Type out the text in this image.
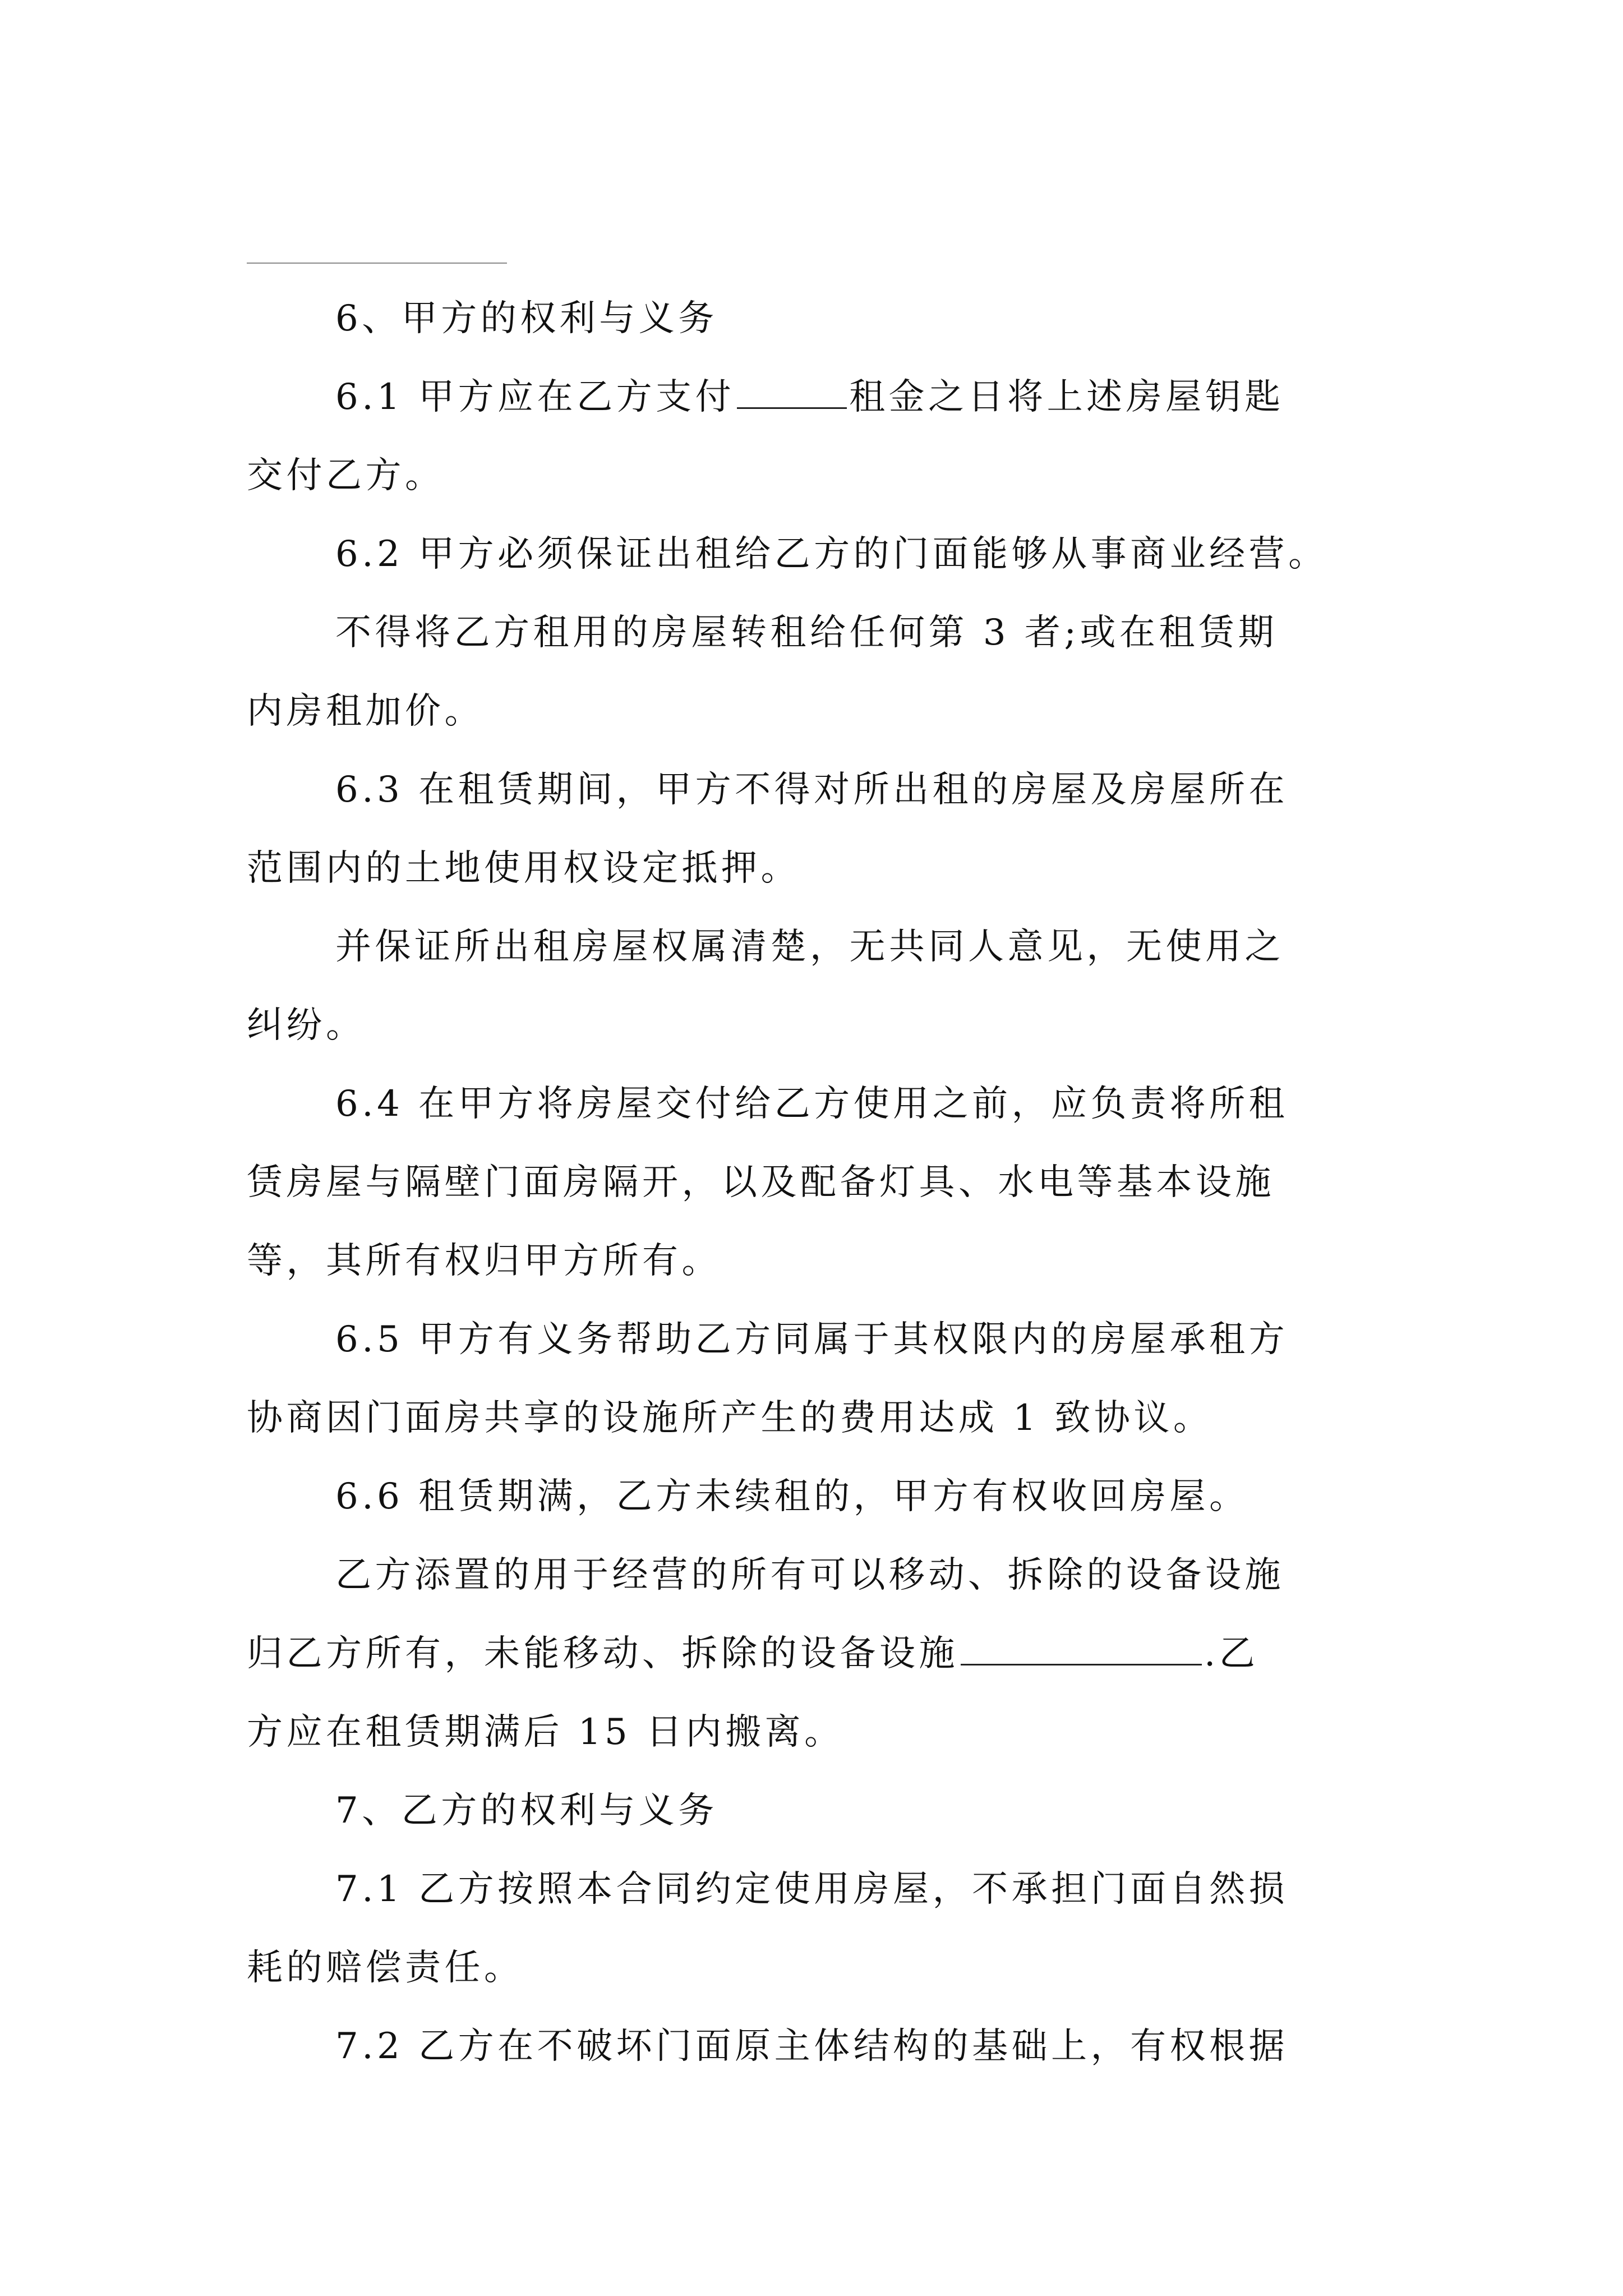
6、甲方的权利与义务
6.1 甲方应在乙方支付	租金之日将上述房屋钥匙
交付乙方。
6.2 甲方必须保证出租给乙方的门面能够从事商业经营。
不得将乙方租用的房屋转租给任何第 3 者;或在租赁期
内房租加价。
6.3 在租赁期间，甲方不得对所出租的房屋及房屋所在
范围内的土地使用权设定抵押。
并保证所出租房屋权属清楚，无共同人意见，无使用之
纠纷。
6.4 在甲方将房屋交付给乙方使用之前，应负责将所租
赁房屋与隔壁门面房隔开，以及配备灯具、水电等基本设施
等，其所有权归甲方所有。
6.5 甲方有义务帮助乙方同属于其权限内的房屋承租方
协商因门面房共享的设施所产生的费用达成 1 致协议。
6.6 租赁期满，乙方未续租的，甲方有权收回房屋。
乙方添置的用于经营的所有可以移动、拆除的设备设施
归乙方所有，未能移动、拆除的设备设施	.乙
方应在租赁期满后 15 日内搬离。
7、乙方的权利与义务
7.1 乙方按照本合同约定使用房屋，不承担门面自然损
耗的赔偿责任。
7.2 乙方在不破坏门面原主体结构的基础上，有权根据
